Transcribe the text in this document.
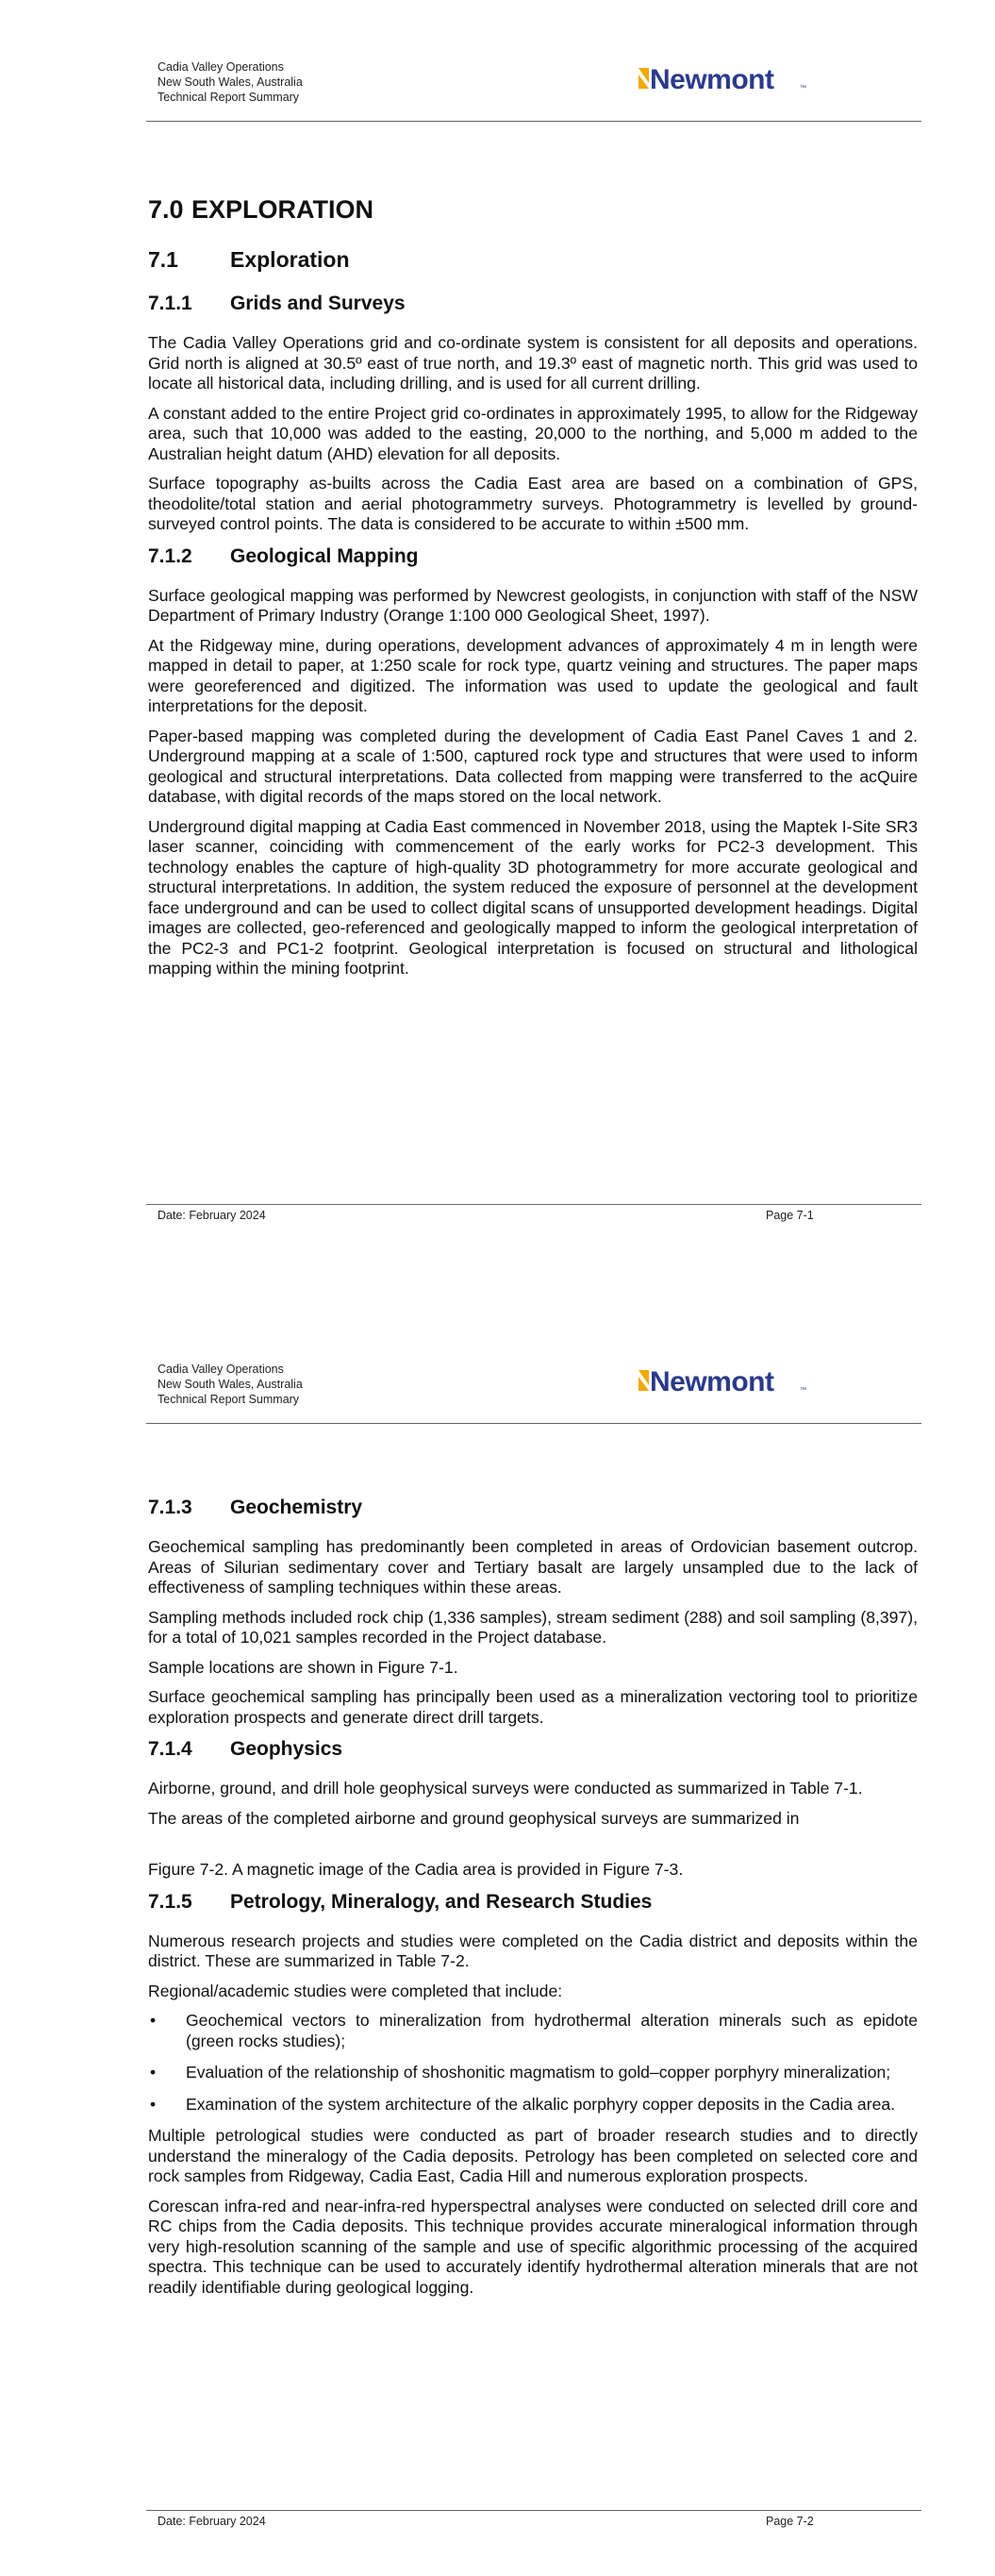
Cadia Valley Operations
New South Wales, Australia
Technical Report Summary
Newmont	™
7.0 EXPLORATION
7.1 Exploration
7.1.1 Grids and Surveys

The Cadia Valley Operations grid and co-ordinate system is consistent for all deposits and operations. Grid north is aligned at 30.5º east of true north, and 19.3º east of magnetic north. This grid was used to locate all historical data, including drilling, and is used for all current drilling.

A constant added to the entire Project grid co-ordinates in approximately 1995, to allow for the Ridgeway area, such that 10,000 was added to the easting, 20,000 to the northing, and 5,000 m added to the Australian height datum (AHD) elevation for all deposits.

Surface topography as-builts across the Cadia East area are based on a combination of GPS, theodolite/total station and aerial photogrammetry surveys. Photogrammetry is levelled by ground-surveyed control points. The data is considered to be accurate to within ±500 mm.

7.1.2 Geological Mapping

Surface geological mapping was performed by Newcrest geologists, in conjunction with staff of the NSW Department of Primary Industry (Orange 1:100 000 Geological Sheet, 1997).

At the Ridgeway mine, during operations, development advances of approximately 4 m in length were mapped in detail to paper, at 1:250 scale for rock type, quartz veining and structures. The paper maps were georeferenced and digitized. The information was used to update the geological and fault interpretations for the deposit.

Paper-based mapping was completed during the development of Cadia East Panel Caves 1 and 2. Underground mapping at a scale of 1:500, captured rock type and structures that were used to inform geological and structural interpretations. Data collected from mapping were transferred to the acQuire database, with digital records of the maps stored on the local network.

Underground digital mapping at Cadia East commenced in November 2018, using the Maptek I-Site SR3 laser scanner, coinciding with commencement of the early works for PC2-3 development. This technology enables the capture of high-quality 3D photogrammetry for more accurate geological and structural interpretations. In addition, the system reduced the exposure of personnel at the development face underground and can be used to collect digital scans of unsupported development headings. Digital images are collected, geo-referenced and geologically mapped to inform the geological interpretation of the PC2-3 and PC1-2 footprint. Geological interpretation is focused on structural and lithological mapping within the mining footprint.

Date: February 2024	Page 7-1
Cadia Valley Operations
New South Wales, Australia
Technical Report Summary
Newmont	™
7.1.3 Geochemistry

Geochemical sampling has predominantly been completed in areas of Ordovician basement outcrop. Areas of Silurian sedimentary cover and Tertiary basalt are largely unsampled due to the lack of effectiveness of sampling techniques within these areas.

Sampling methods included rock chip (1,336 samples), stream sediment (288) and soil sampling (8,397), for a total of 10,021 samples recorded in the Project database.

Sample locations are shown in Figure 7-1.

Surface geochemical sampling has principally been used as a mineralization vectoring tool to prioritize exploration prospects and generate direct drill targets.

7.1.4 Geophysics

Airborne, ground, and drill hole geophysical surveys were conducted as summarized in Table 7-1.

The areas of the completed airborne and ground geophysical surveys are summarized in

Figure 7-2. A magnetic image of the Cadia area is provided in Figure 7-3.

7.1.5 Petrology, Mineralogy, and Research Studies

Numerous research projects and studies were completed on the Cadia district and deposits within the district. These are summarized in Table 7-2.

Regional/academic studies were completed that include:

• Geochemical vectors to mineralization from hydrothermal alteration minerals such as epidote (green rocks studies);
• Evaluation of the relationship of shoshonitic magmatism to gold–copper porphyry mineralization;
• Examination of the system architecture of the alkalic porphyry copper deposits in the Cadia area.

Multiple petrological studies were conducted as part of broader research studies and to directly understand the mineralogy of the Cadia deposits. Petrology has been completed on selected core and rock samples from Ridgeway, Cadia East, Cadia Hill and numerous exploration prospects.

Corescan infra-red and near-infra-red hyperspectral analyses were conducted on selected drill core and RC chips from the Cadia deposits. This technique provides accurate mineralogical information through very high-resolution scanning of the sample and use of specific algorithmic processing of the acquired spectra. This technique can be used to accurately identify hydrothermal alteration minerals that are not readily identifiable during geological logging.

Date: February 2024	Page 7-2
